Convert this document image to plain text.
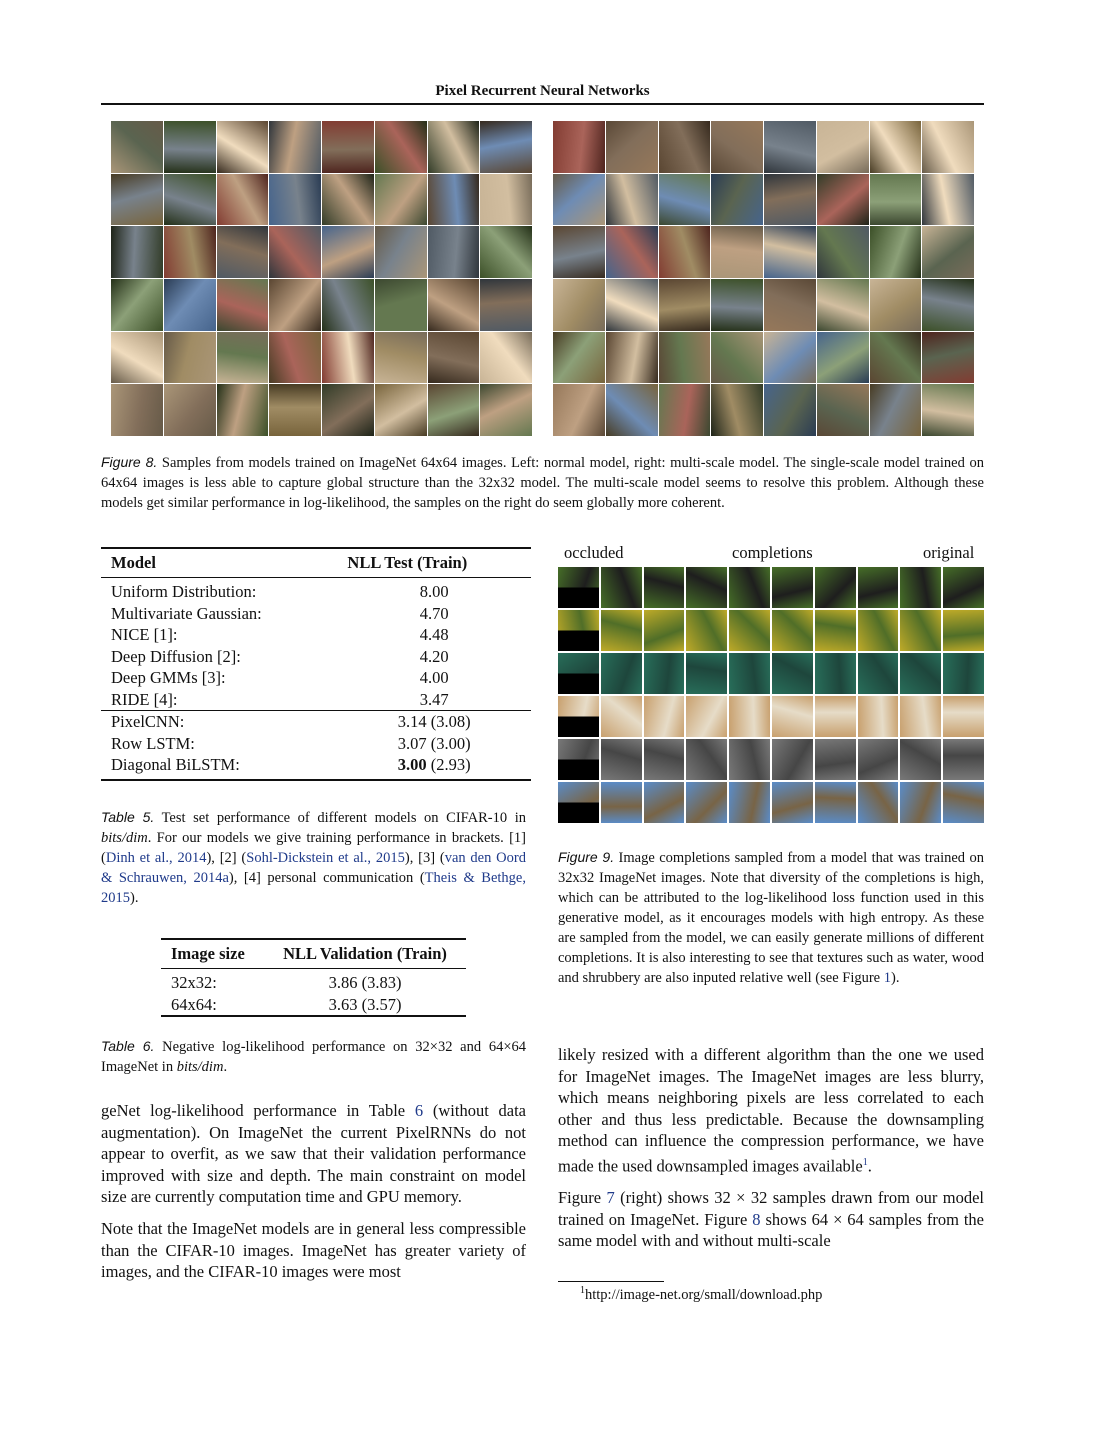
Pixel Recurrent Neural Networks
Figure 8. Samples from models trained on ImageNet 64x64 images. Left: normal model, right: multi-scale model. The single-scale model trained on 64x64 images is less able to capture global structure than the 32x32 model. The multi-scale model seems to resolve this problem. Although these models get similar performance in log-likelihood, the samples on the right do seem globally more coherent.
Model	NLL Test (Train)
Uniform Distribution:	8.00
Multivariate Gaussian:	4.70
NICE [1]:	4.48
Deep Diffusion [2]:	4.20
Deep GMMs [3]:	4.00
RIDE [4]:	3.47
PixelCNN:	3.14 (3.08)
Row LSTM:	3.07 (3.00)
Diagonal BiLSTM:	3.00 (2.93)
Table 5. Test set performance of different models on CIFAR-10 in bits/dim. For our models we give training performance in brackets. [1] (Dinh et al., 2014), [2] (Sohl-Dickstein et al., 2015), [3] (van den Oord & Schrauwen, 2014a), [4] personal communication (Theis & Bethge, 2015).
Image size	NLL Validation (Train)
32x32:	3.86 (3.83)
64x64:	3.63 (3.57)
Table 6. Negative log-likelihood performance on 32×32 and 64×64 ImageNet in bits/dim.

geNet log-likelihood performance in Table 6 (without data augmentation). On ImageNet the current PixelRNNs do not appear to overfit, as we saw that their validation performance improved with size and depth. The main constraint on model size are currently computation time and GPU memory.

Note that the ImageNet models are in general less compressible than the CIFAR-10 images. ImageNet has greater variety of images, and the CIFAR-10 images were most

occluded	completions	original
Figure 9. Image completions sampled from a model that was trained on 32x32 ImageNet images. Note that diversity of the completions is high, which can be attributed to the log-likelihood loss function used in this generative model, as it encourages models with high entropy. As these are sampled from the model, we can easily generate millions of different completions. It is also interesting to see that textures such as water, wood and shrubbery are also inputed relative well (see Figure 1).

likely resized with a different algorithm than the one we used for ImageNet images. The ImageNet images are less blurry, which means neighboring pixels are less correlated to each other and thus less predictable. Because the downsampling method can influence the compression performance, we have made the used downsampled images available$^1$.

Figure 7 (right) shows 32 × 32 samples drawn from our model trained on ImageNet. Figure 8 shows 64 × 64 samples from the same model with and without multi-scale

$^1$http://image-net.org/small/download.php
